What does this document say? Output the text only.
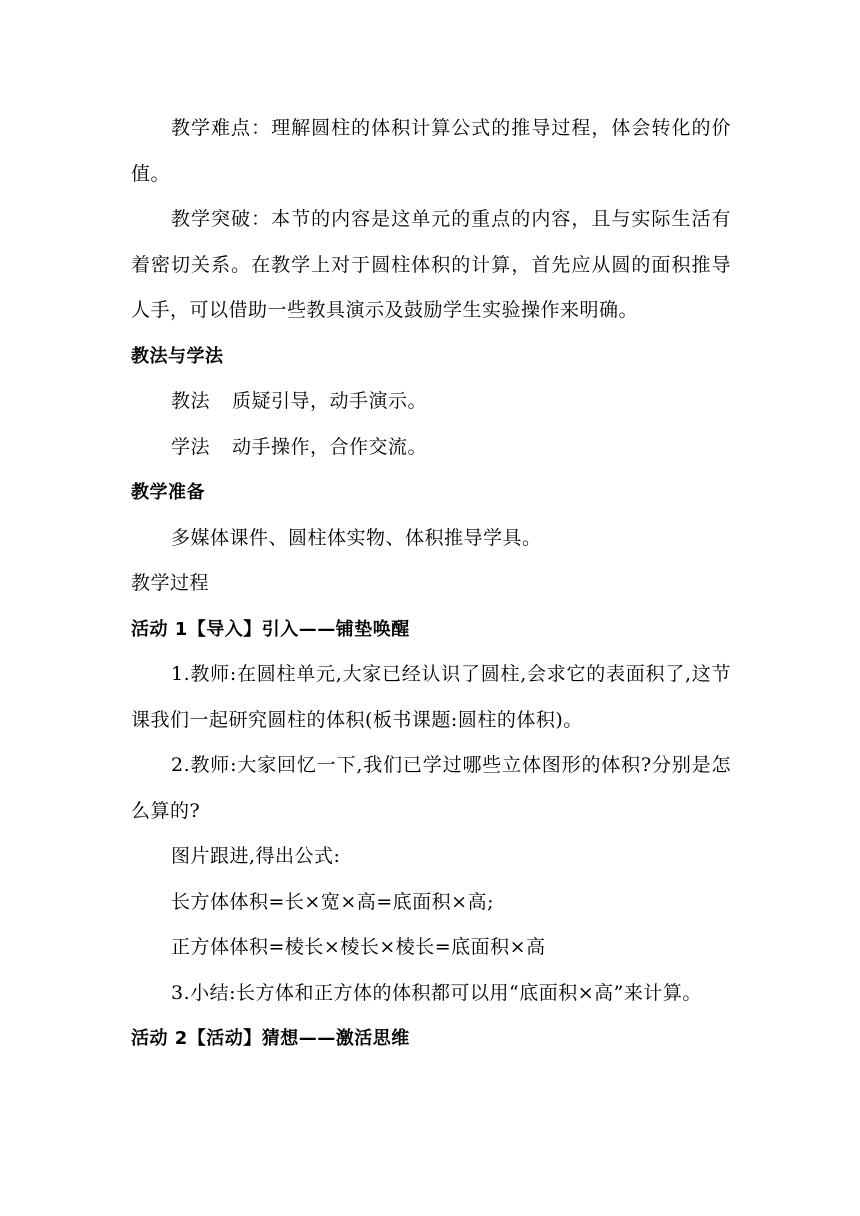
教学难点：理解圆柱的体积计算公式的推导过程，体会转化的价值。

教学突破：本节的内容是这单元的重点的内容，且与实际生活有着密切关系。在教学上对于圆柱体积的计算，首先应从圆的面积推导人手，可以借助一些教具演示及鼓励学生实验操作来明确。

教法与学法

教法 质疑引导，动手演示。

学法 动手操作，合作交流。

教学准备

多媒体课件、圆柱体实物、体积推导学具。

教学过程

活动 1【导入】引入——铺垫唤醒

1.教师:在圆柱单元,大家已经认识了圆柱,会求它的表面积了,这节课我们一起研究圆柱的体积(板书课题:圆柱的体积)。

2.教师:大家回忆一下,我们已学过哪些立体图形的体积?分别是怎么算的?

图片跟进,得出公式:

长方体体积=长×宽×高=底面积×高;

正方体体积=棱长×棱长×棱长=底面积×高

3.小结:长方体和正方体的体积都可以用“底面积×高”来计算。

活动 2【活动】猜想——激活思维
